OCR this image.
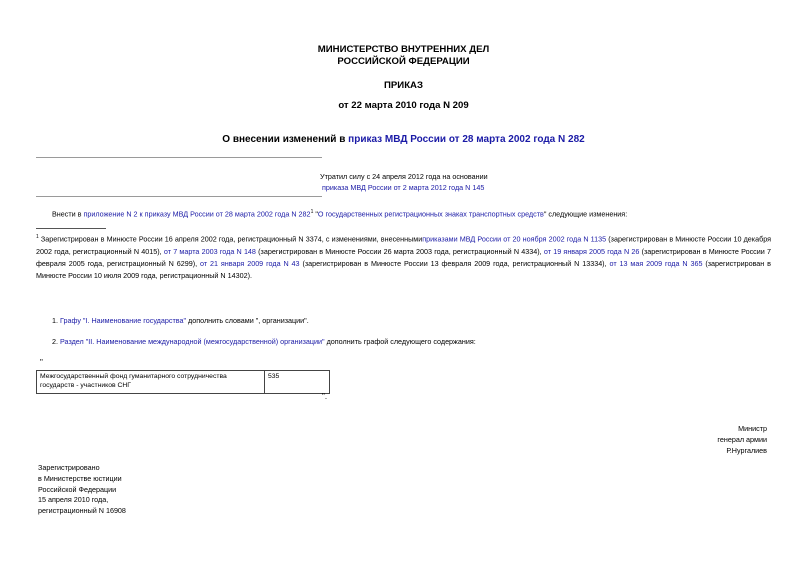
МИНИСТЕРСТВО ВНУТРЕННИХ ДЕЛ
РОССИЙСКОЙ ФЕДЕРАЦИИ
ПРИКАЗ
от 22 марта 2010 года N 209
О внесении изменений в приказ МВД России от 28 марта 2002 года N 282
Утратил силу с 24 апреля 2012 года на основании
приказа МВД России от 2 марта 2012 года N 145
Внести в приложение N 2 к приказу МВД России от 28 марта 2002 года N $282^1$ "О государственных регистрационных знаках транспортных средств" следующие изменения:
$^1$ Зарегистрирован в Минюсте России 16 апреля 2002 года, регистрационный N 3374, с изменениями, внесеннымиприказами МВД России от 20 ноября 2002 года N 1135 (зарегистрирован в Минюсте России 10 декабря 2002 года, регистрационный N 4015), от 7 марта 2003 года N 148 (зарегистрирован в Минюсте России 26 марта 2003 года, регистрационный N 4334), от 19 января 2005 года N 26 (зарегистрирован в Минюсте России 7 февраля 2005 года, регистрационный N 6299), от 21 января 2009 года N 43 (зарегистрирован в Минюсте России 13 февраля 2009 года, регистрационный N 13334), от 13 мая 2009 года N 365 (зарегистрирован в Минюсте России 10 июля 2009 года, регистрационный N 14302).
1. Графу "I. Наименование государства" дополнить словами ", организации".
2. Раздел "II. Наименование международной (межгосударственной) организации" дополнить графой следующего содержания:
"
Межгосударственный фонд гуманитарного сотрудничества государств - участников СНГ	535
".
Министр
генерал армии
Р.Нургалиев
Зарегистрировано
в Министерстве юстиции
Российской Федерации
15 апреля 2010 года,
регистрационный N 16908
